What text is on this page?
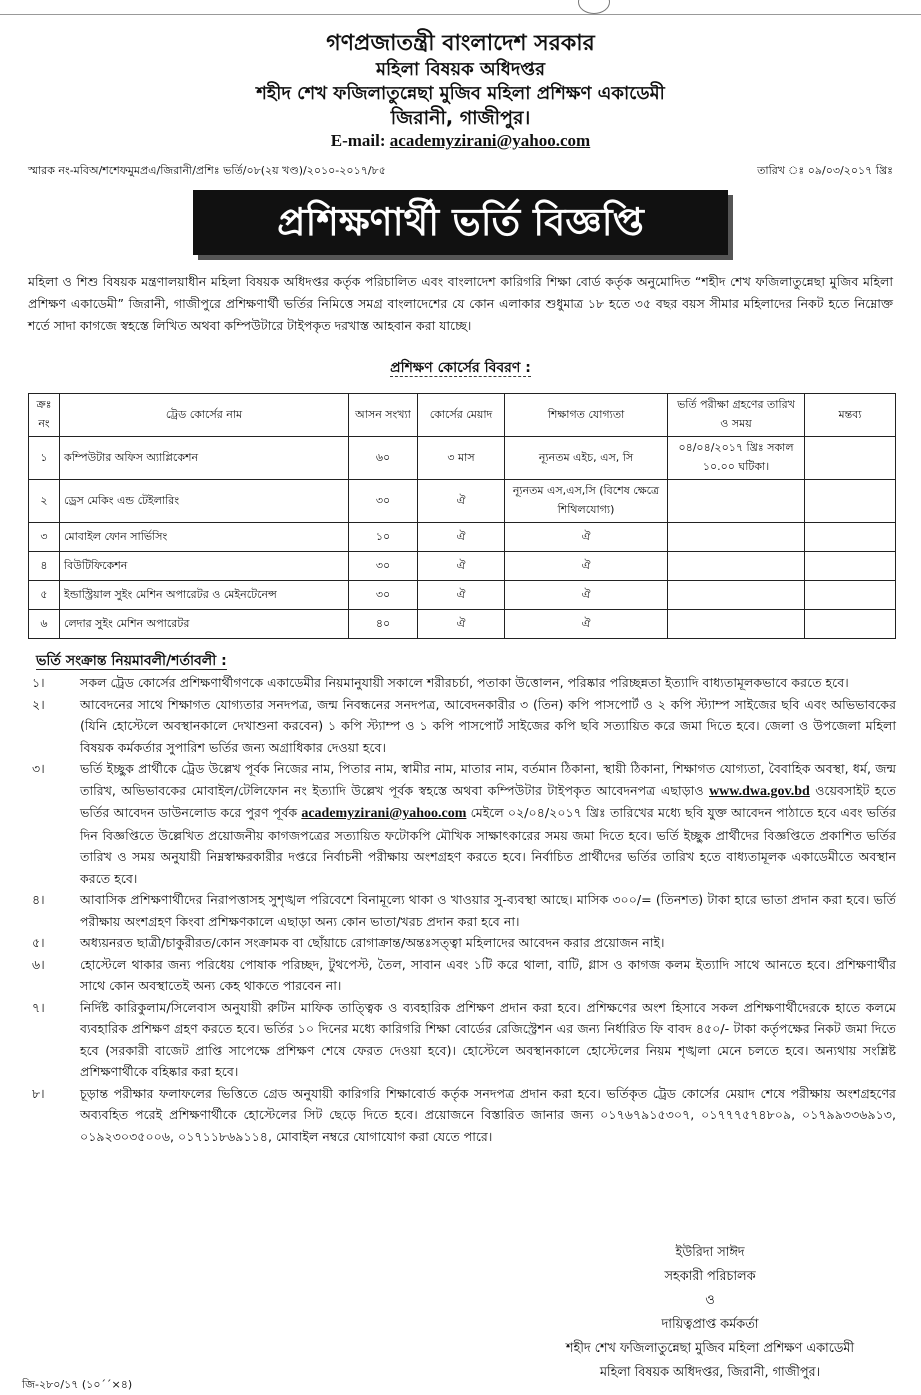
গণপ্রজাতন্ত্রী বাংলাদেশ সরকার
মহিলা বিষয়ক অধিদপ্তর
শহীদ শেখ ফজিলাতুন্নেছা মুজিব মহিলা প্রশিক্ষণ একাডেমী
জিরানী, গাজীপুর।
E-mail: academyzirani@yahoo.com
স্মারক নং-মবিঅ/শশেফমুমপ্রএ/জিরানী/প্রশিঃ ভর্তি/০৮(২য় খণ্ড)/২০১০-২০১৭/৮৫	তারিখ ঃ ০৯/০৩/২০১৭ খ্রিঃ
প্রশিক্ষণার্থী ভর্তি বিজ্ঞপ্তি
মহিলা ও শিশু বিষয়ক মন্ত্রণালয়াধীন মহিলা বিষয়ক অধিদপ্তর কর্তৃক পরিচালিত এবং বাংলাদেশ কারিগরি শিক্ষা বোর্ড কর্তৃক অনুমোদিত “শহীদ শেখ ফজিলাতুন্নেছা মুজিব মহিলা প্রশিক্ষণ একাডেমী” জিরানী, গাজীপুরে প্রশিক্ষণার্থী ভর্তির নিমিত্তে সমগ্র বাংলাদেশের যে কোন এলাকার শুধুমাত্র ১৮ হতে ৩৫ বছর বয়স সীমার মহিলাদের নিকট হতে নিম্নোক্ত শর্তে সাদা কাগজে স্বহস্তে লিখিত অথবা কম্পিউটারে টাইপকৃত দরখাস্ত আহবান করা যাচ্ছে।
প্রশিক্ষণ কোর্সের বিবরণ :
ক্রঃ নং	ট্রেড কোর্সের নাম	আসন সংখ্যা	কোর্সের মেয়াদ	শিক্ষাগত যোগ্যতা	ভর্তি পরীক্ষা গ্রহণের তারিখ ও সময়	মন্তব্য
১	কম্পিউটার অফিস অ্যাপ্লিকেশন	৬০	৩ মাস	ন্যূনতম এইচ, এস, সি	০৪/০৪/২০১৭ খ্রিঃ সকাল ১০.০০ ঘটিকা।	
২	ড্রেস মেকিং এন্ড টেইলারিং	৩০	ঐ	ন্যূনতম এস,এস,সি (বিশেষ ক্ষেত্রে শিথিলযোগ্য)		
৩	মোবাইল ফোন সার্ভিসিং	১০	ঐ	ঐ		
৪	বিউটিফিকেশন	৩০	ঐ	ঐ		
৫	ইন্ডাস্ট্রিয়াল সুইং মেশিন অপারেটর ও মেইনটেনেন্স	৩০	ঐ	ঐ		
৬	লেদার সুইং মেশিন অপারেটর	৪০	ঐ	ঐ		
ভর্তি সংক্রান্ত নিয়মাবলী/শর্তাবলী :
১।	সকল ট্রেড কোর্সের প্রশিক্ষণার্থীগণকে একাডেমীর নিয়মানুযায়ী সকালে শরীরচর্চা, পতাকা উত্তোলন, পরিষ্কার পরিচ্ছন্নতা ইত্যাদি বাধ্যতামূলকভাবে করতে হবে।
২।	আবেদনের সাথে শিক্ষাগত যোগ্যতার সনদপত্র, জন্ম নিবন্ধনের সনদপত্র, আবেদনকারীর ৩ (তিন) কপি পাসপোর্ট ও ২ কপি স্ট্যাম্প সাইজের ছবি এবং অভিভাবকের (যিনি হোস্টেলে অবস্থানকালে দেখাশুনা করবেন) ১ কপি স্ট্যাম্প ও ১ কপি পাসপোর্ট সাইজের কপি ছবি সত্যায়িত করে জমা দিতে হবে। জেলা ও উপজেলা মহিলা বিষয়ক কর্মকর্তার সুপারিশ ভর্তির জন্য অগ্রাধিকার দেওয়া হবে।
৩।	ভর্তি ইচ্ছুক প্রার্থীকে ট্রেড উল্লেখ পূর্বক নিজের নাম, পিতার নাম, স্বামীর নাম, মাতার নাম, বর্তমান ঠিকানা, স্থায়ী ঠিকানা, শিক্ষাগত যোগ্যতা, বৈবাহিক অবস্থা, ধর্ম, জন্ম তারিখ, অভিভাবকের মোবাইল/টেলিফোন নং ইত্যাদি উল্লেখ পূর্বক স্বহস্তে অথবা কম্পিউটার টাইপকৃত আবেদনপত্র এছাড়াও www.dwa.gov.bd ওয়েবসাইট হতে ভর্তির আবেদন ডাউনলোড করে পুরণ পূর্বক academyzirani@yahoo.com মেইলে ০২/০৪/২০১৭ খ্রিঃ তারিখের মধ্যে ছবি যুক্ত আবেদন পাঠাতে হবে এবং ভর্তির দিন বিজ্ঞপ্তিতে উল্লেখিত প্রয়োজনীয় কাগজপত্রের সত্যায়িত ফটোকপি মৌখিক সাক্ষাৎকারের সময় জমা দিতে হবে। ভর্তি ইচ্ছুক প্রার্থীদের বিজ্ঞপ্তিতে প্রকাশিত ভর্তির তারিখ ও সময় অনুযায়ী নিম্নস্বাক্ষরকারীর দপ্তরে নির্বাচনী পরীক্ষায় অংশগ্রহণ করতে হবে। নির্বাচিত প্রার্থীদের ভর্তির তারিখ হতে বাধ্যতামূলক একাডেমীতে অবস্থান করতে হবে।
৪।	আবাসিক প্রশিক্ষণার্থীদের নিরাপত্তাসহ সুশৃঙ্খল পরিবেশে বিনামূল্যে থাকা ও খাওয়ার সু-ব্যবস্থা আছে। মাসিক ৩০০/= (তিনশত) টাকা হারে ভাতা প্রদান করা হবে। ভর্তি পরীক্ষায় অংশগ্রহণ কিংবা প্রশিক্ষণকালে এছাড়া অন্য কোন ভাতা/খরচ প্রদান করা হবে না।
৫।	অধ্যয়নরত ছাত্রী/চাকুরীরত/কোন সংক্রামক বা ছোঁয়াচে রোগাক্রান্ত/অন্তঃসত্ত্বা মহিলাদের আবেদন করার প্রয়োজন নাই।
৬।	হোস্টেলে থাকার জন্য পরিধেয় পোষাক পরিচ্ছদ, টুথপেস্ট, তৈল, সাবান এবং ১টি করে থালা, বাটি, গ্লাস ও কাগজ কলম ইত্যাদি সাথে আনতে হবে। প্রশিক্ষণার্থীর সাথে কোন অবস্থাতেই অন্য কেহ থাকতে পারবেন না।
৭।	নির্দিষ্ট কারিকুলাম/সিলেবাস অনুযায়ী রুটিন মাফিক তাত্ত্বিক ও ব্যবহারিক প্রশিক্ষণ প্রদান করা হবে। প্রশিক্ষণের অংশ হিসাবে সকল প্রশিক্ষণার্থীদেরকে হাতে কলমে ব্যবহারিক প্রশিক্ষণ গ্রহণ করতে হবে। ভর্তির ১০ দিনের মধ্যে কারিগরি শিক্ষা বোর্ডের রেজিস্ট্রেশন এর জন্য নির্ধারিত ফি বাবদ ৪৫০/- টাকা কর্তৃপক্ষের নিকট জমা দিতে হবে (সরকারী বাজেট প্রাপ্তি সাপেক্ষে প্রশিক্ষণ শেষে ফেরত দেওয়া হবে)। হোস্টেলে অবস্থানকালে হোস্টেলের নিয়ম শৃঙ্খলা মেনে চলতে হবে। অন্যথায় সংশ্লিষ্ট প্রশিক্ষণার্থীকে বহিষ্কার করা হবে।
৮।	চূড়ান্ত পরীক্ষার ফলাফলের ভিত্তিতে গ্রেড অনুযায়ী কারিগরি শিক্ষাবোর্ড কর্তৃক সনদপত্র প্রদান করা হবে। ভর্তিকৃত ট্রেড কোর্সের মেয়াদ শেষে পরীক্ষায় অংশগ্রহণের অব্যবহিত পরেই প্রশিক্ষণার্থীকে হোস্টেলের সিট ছেড়ে দিতে হবে। প্রয়োজনে বিস্তারিত জানার জন্য ০১৭৬৭৯১৫৩০৭, ০১৭৭৭৫৭৪৮০৯, ০১৭৯৯৩৩৬৯১৩, ০১৯২৩০৩৫০০৬, ০১৭১১৮৬৯১১৪, মোবাইল নম্বরে যোগাযোগ করা যেতে পারে।
ইউরিদা সাঈদ
সহকারী পরিচালক
ও
দায়িত্বপ্রাপ্ত কর্মকর্তা
শহীদ শেখ ফজিলাতুন্নেছা মুজিব মহিলা প্রশিক্ষণ একাডেমী
মহিলা বিষয়ক অধিদপ্তর, জিরানী, গাজীপুর।
জি-২৮০/১৭ (১০´´×৪)
